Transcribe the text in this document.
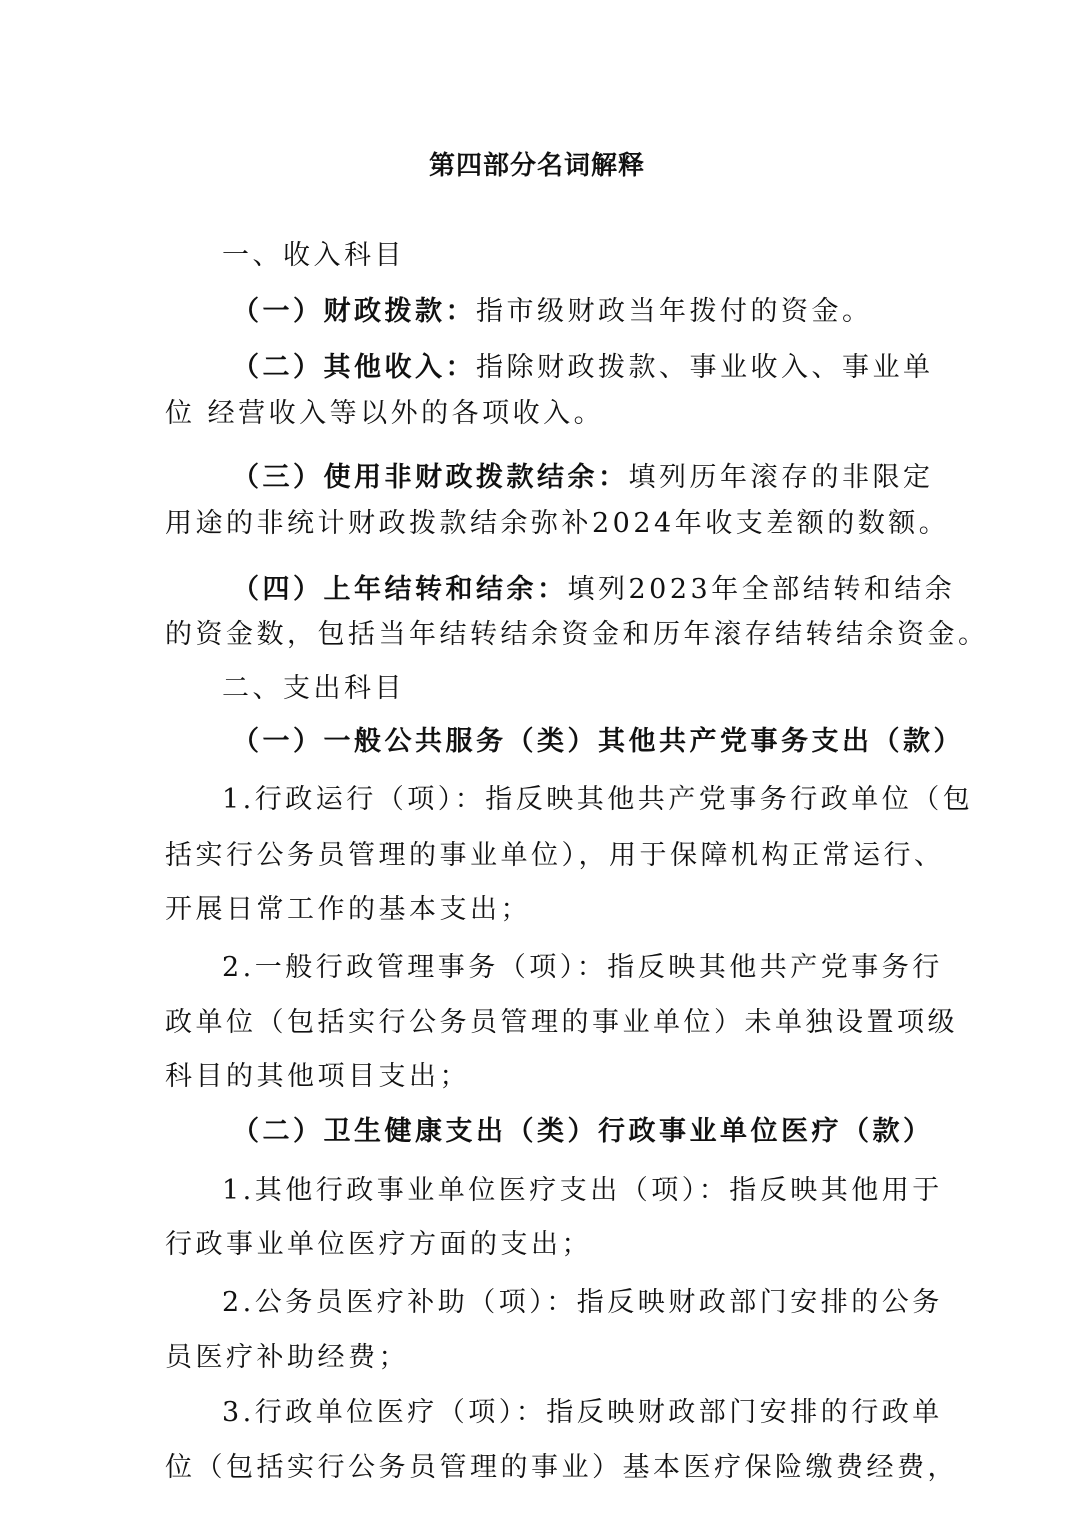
第四部分名词解释
一、收入科目
（一）财政拨款：指市级财政当年拨付的资金。
（二）其他收入：指除财政拨款、事业收入、事业单
位 经营收入等以外的各项收入。
（三）使用非财政拨款结余：填列历年滚存的非限定
用途的非统计财政拨款结余弥补2024年收支差额的数额。
（四）上年结转和结余：填列2023年全部结转和结余
的资金数，包括当年结转结余资金和历年滚存结转结余资金。
二、支出科目
（一）一般公共服务（类）其他共产党事务支出（款）
1.行政运行（项）：指反映其他共产党事务行政单位（包
括实行公务员管理的事业单位），用于保障机构正常运行、
开展日常工作的基本支出；
2.一般行政管理事务（项）：指反映其他共产党事务行
政单位（包括实行公务员管理的事业单位）未单独设置项级
科目的其他项目支出；
（二）卫生健康支出（类）行政事业单位医疗（款）
1.其他行政事业单位医疗支出（项）：指反映其他用于
行政事业单位医疗方面的支出；
2.公务员医疗补助（项）：指反映财政部门安排的公务
员医疗补助经费；
3.行政单位医疗（项）：指反映财政部门安排的行政单
位（包括实行公务员管理的事业）基本医疗保险缴费经费，
